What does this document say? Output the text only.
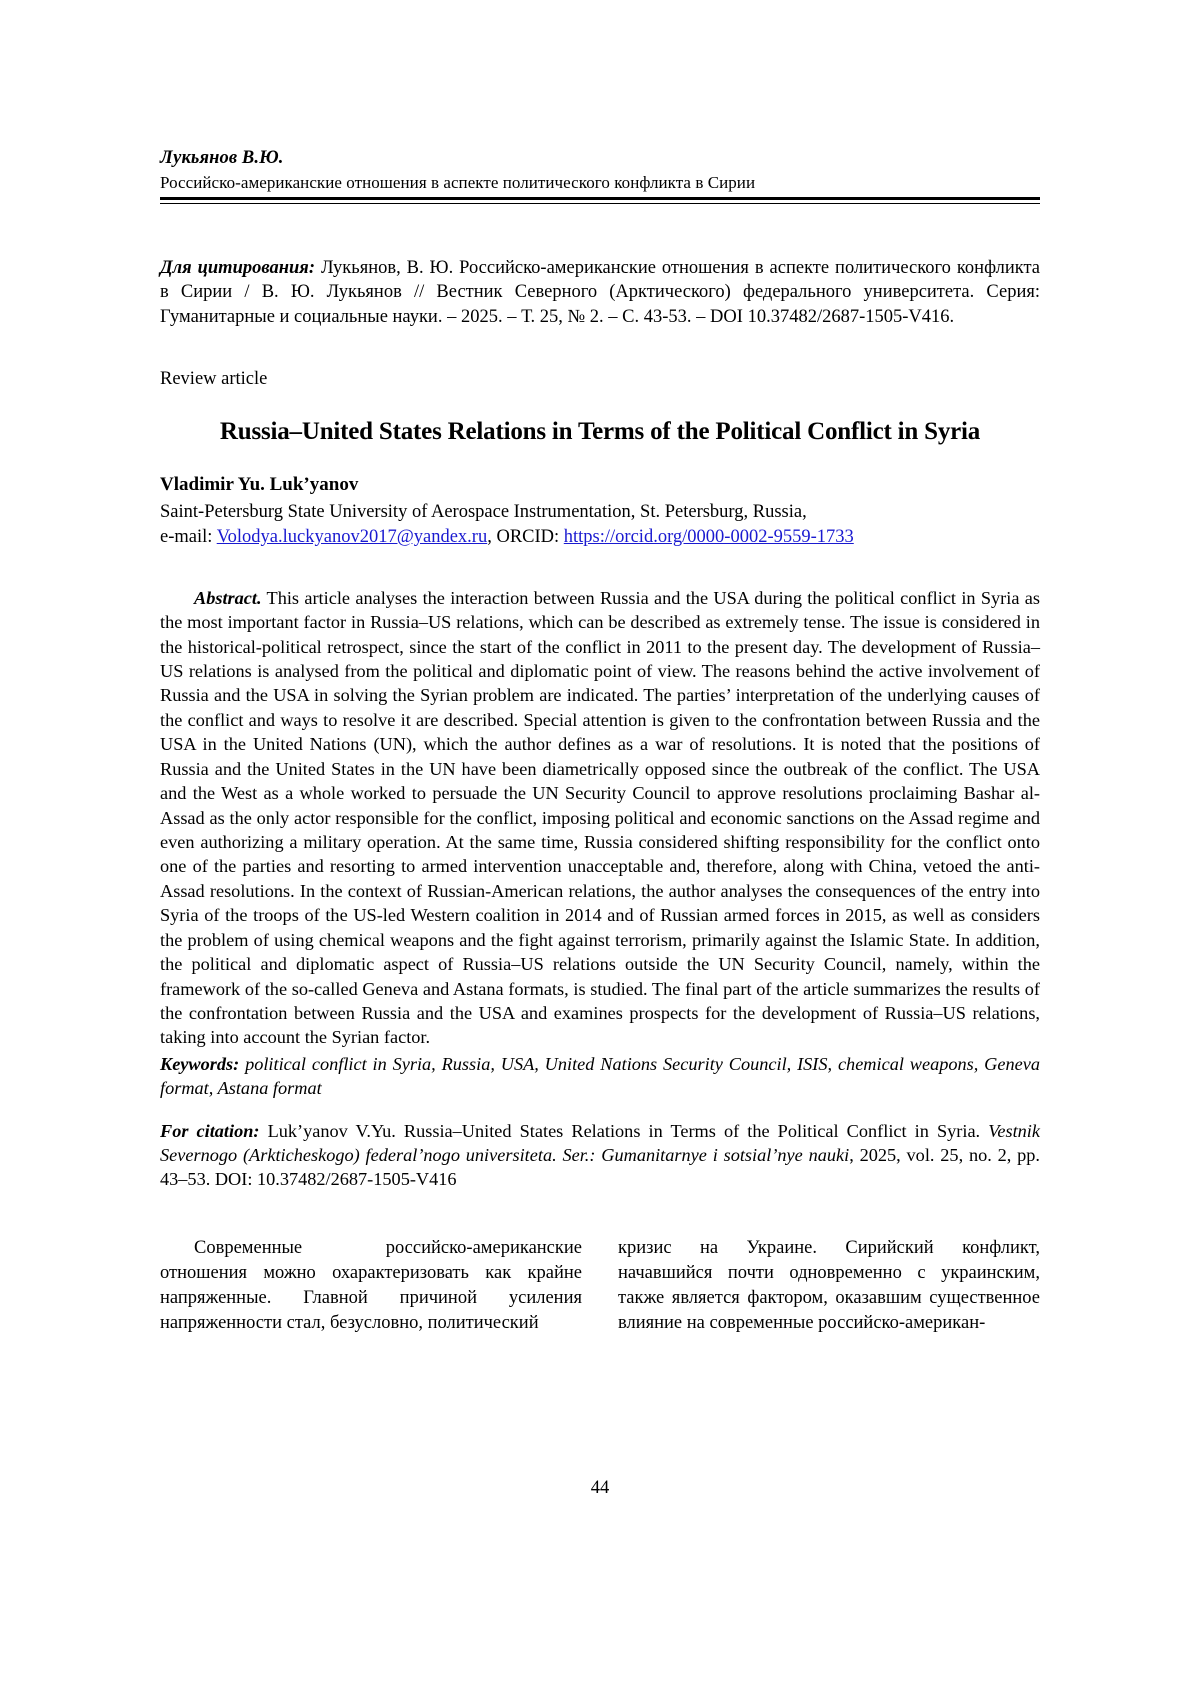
Лукьянов В.Ю.
Российско-американские отношения в аспекте политического конфликта в Сирии
Для цитирования: Лукьянов, В. Ю. Российско-американские отношения в аспекте политического конфликта в Сирии / В. Ю. Лукьянов // Вестник Северного (Арктического) федерального университета. Серия: Гуманитарные и социальные науки. – 2025. – Т. 25, № 2. – С. 43-53. – DOI 10.37482/2687-1505-V416.
Review article
Russia–United States Relations in Terms of the Political Conflict in Syria
Vladimir Yu. Luk’yanov
Saint-Petersburg State University of Aerospace Instrumentation, St. Petersburg, Russia,
e-mail: Volodya.luckyanov2017@yandex.ru, ORCID: https://orcid.org/0000-0002-9559-1733

Abstract. This article analyses the interaction between Russia and the USA during the political conflict in Syria as the most important factor in Russia–US relations, which can be described as extremely tense. The issue is considered in the historical-political retrospect, since the start of the conflict in 2011 to the present day. The development of Russia–US relations is analysed from the political and diplomatic point of view. The reasons behind the active involvement of Russia and the USA in solving the Syrian problem are indicated. The parties’ interpretation of the underlying causes of the conflict and ways to resolve it are described. Special attention is given to the confrontation between Russia and the USA in the United Nations (UN), which the author defines as a war of resolutions. It is noted that the positions of Russia and the United States in the UN have been diametrically opposed since the outbreak of the conflict. The USA and the West as a whole worked to persuade the UN Security Council to approve resolutions proclaiming Bashar al-Assad as the only actor responsible for the conflict, imposing political and economic sanctions on the Assad regime and even authorizing a military operation. At the same time, Russia considered shifting responsibility for the conflict onto one of the parties and resorting to armed intervention unacceptable and, therefore, along with China, vetoed the anti-Assad resolutions. In the context of Russian-American relations, the author analyses the consequences of the entry into Syria of the troops of the US-led Western coalition in 2014 and of Russian armed forces in 2015, as well as considers the problem of using chemical weapons and the fight against terrorism, primarily against the Islamic State. In addition, the political and diplomatic aspect of Russia–US relations outside the UN Security Council, namely, within the framework of the so-called Geneva and Astana formats, is studied. The final part of the article summarizes the results of the confrontation between Russia and the USA and examines prospects for the development of Russia–US relations, taking into account the Syrian factor.

Keywords: political conflict in Syria, Russia, USA, United Nations Security Council, ISIS, chemical weapons, Geneva format, Astana format
For citation: Luk’yanov V.Yu. Russia–United States Relations in Terms of the Political Conflict in Syria. Vestnik Severnogo (Arkticheskogo) federal’nogo universiteta. Ser.: Gumanitarnye i sotsial’nye nauki, 2025, vol. 25, no. 2, pp. 43–53. DOI: 10.37482/2687-1505-V416

Современные российско-американские отношения можно охарактеризовать как крайне напряженные. Главной причиной усиления напряженности стал, безусловно, политический

кризис на Украине. Сирийский конфликт, начавшийся почти одновременно с украинским, также является фактором, оказавшим существенное влияние на современные российско-американ-

44
